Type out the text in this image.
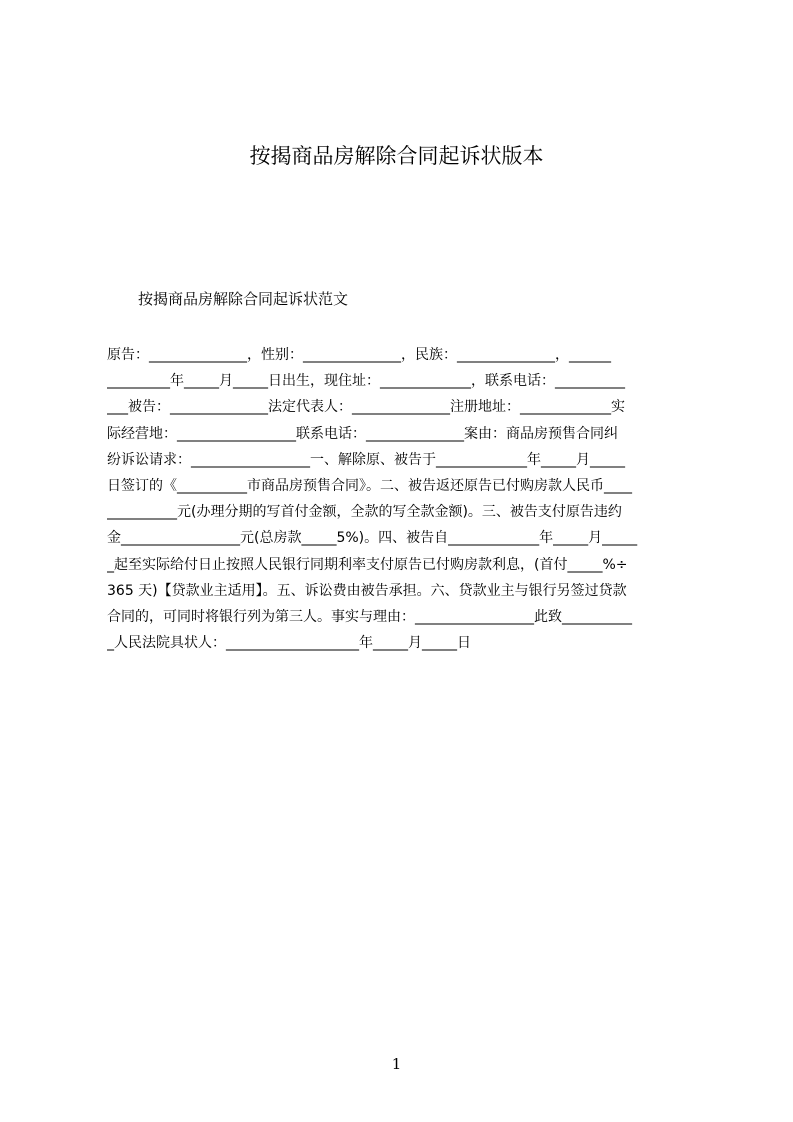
按揭商品房解除合同起诉状版本
按揭商品房解除合同起诉状范文
原告：______________，性别：______________，民族：______________，______
_________年_____月_____日出生，现住址：_____________，联系电话：__________
___被告：______________法定代表人：______________注册地址：_____________实
际经营地：_________________联系电话：______________案由：商品房预售合同纠
纷诉讼请求：_________________一、解除原、被告于_____________年_____月_____
日签订的《__________市商品房预售合同》。二、被告返还原告已付购房款人民币____
__________元(办理分期的写首付金额，全款的写全款金额)。三、被告支付原告违约
金_________________元(总房款_____5%)。四、被告自_____________年_____月_____
_起至实际给付日止按照人民银行同期利率支付原告已付购房款利息，(首付_____%÷
365 天)【贷款业主适用】。五、诉讼费由被告承担。六、贷款业主与银行另签过贷款
合同的，可同时将银行列为第三人。事实与理由：_________________此致__________
_人民法院具状人：___________________年_____月_____日
1
